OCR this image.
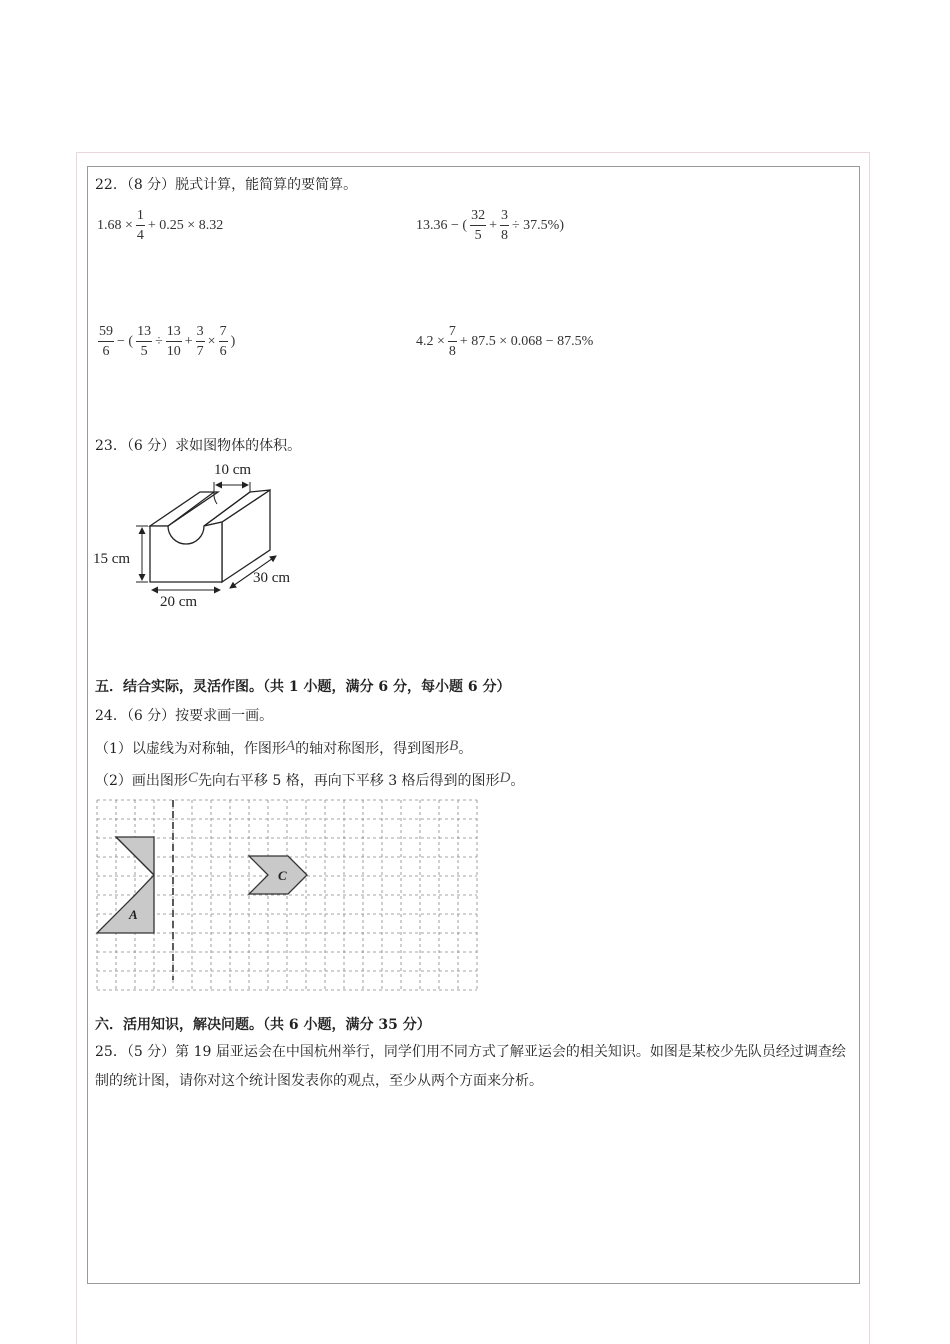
22．（8 分）脱式计算，能简算的要简算。
$1.68 \times \frac{1}{4} + 0.25 \times 8.32$	13.36 − ( $\frac{32}{5} + \frac{3}{8} \div 37.5\%$)
$\frac{59}{6}$ − ( $\frac{13}{5} \div \frac{13}{10} + \frac{3}{7} \times \frac{7}{6}$ )	$4.2 \times \frac{7}{8} + 87.5 \times 0.068 - 87.5\%$
23．（6 分）求如图物体的体积。
10 cm
15 cm
20 cm
30 cm
五．结合实际，灵活作图。（共 1 小题，满分 6 分，每小题 6 分）
24．（6 分）按要求画一画。
（1）以虚线为对称轴，作图形A的轴对称图形，得到图形B。
（2）画出图形C先向右平移 5 格，再向下平移 3 格后得到的图形D。
A
C
六．活用知识，解决问题。（共 6 小题，满分 35 分）
25．（5 分）第 19 届亚运会在中国杭州举行，同学们用不同方式了解亚运会的相关知识。如图是某校少先队员经过调查绘制的统计图，请你对这个统计图发表你的观点，至少从两个方面来分析。
